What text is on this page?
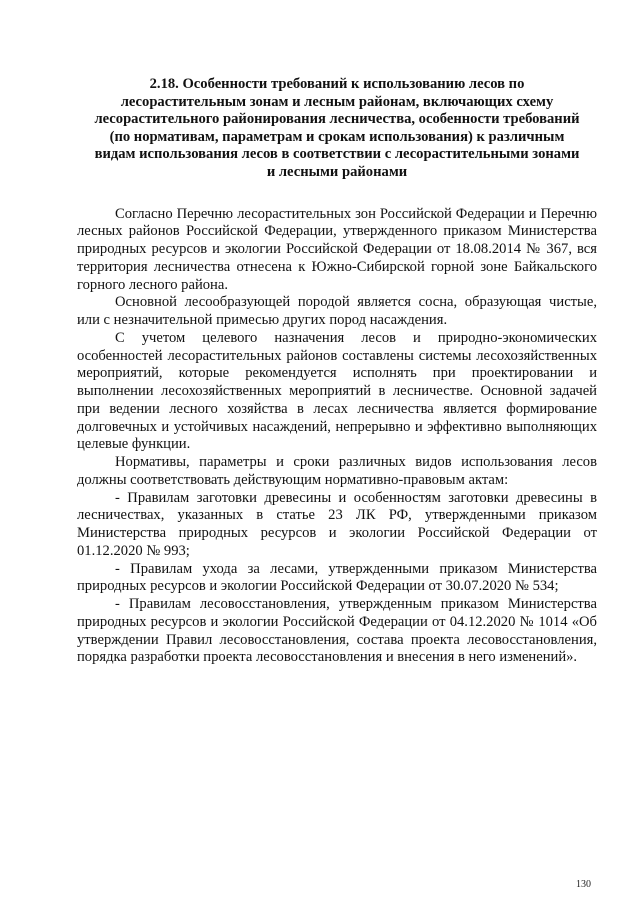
2.18. Особенности требований к использованию лесов по
лесорастительным зонам и лесным районам, включающих схему
лесорастительного районирования лесничества, особенности требований
(по нормативам, параметрам и срокам использования) к различным
видам использования лесов в соответствии с лесорастительными зонами
и лесными районами

Согласно Перечню лесорастительных зон Российской Федерации и Перечню лесных районов Российской Федерации, утвержденного приказом Министерства природных ресурсов и экологии Российской Федерации от 18.08.2014 № 367, вся территория лесничества отнесена к Южно-Сибирской горной зоне Байкальского горного лесного района.

Основной лесообразующей породой является сосна, образующая чистые, или с незначительной примесью других пород насаждения.

С учетом целевого назначения лесов и природно-экономических особенностей лесорастительных районов составлены системы лесохозяйственных мероприятий, которые рекомендуется исполнять при проектировании и выполнении лесохозяйственных мероприятий в лесничестве. Основной задачей при ведении лесного хозяйства в лесах лесничества является формирование долговечных и устойчивых насаждений, непрерывно и эффективно выполняющих целевые функции.

Нормативы, параметры и сроки различных видов использования лесов должны соответствовать действующим нормативно-правовым актам:

- Правилам заготовки древесины и особенностям заготовки древесины в лесничествах, указанных в статье 23 ЛК РФ, утвержденными приказом Министерства природных ресурсов и экологии Российской Федерации от 01.12.2020 № 993;

- Правилам ухода за лесами, утвержденными приказом Министерства природных ресурсов и экологии Российской Федерации от 30.07.2020 № 534;

- Правилам лесовосстановления, утвержденным приказом Министерства природных ресурсов и экологии Российской Федерации от 04.12.2020 № 1014 «Об утверждении Правил лесовосстановления, состава проекта лесовосстановления, порядка разработки проекта лесовосстановления и внесения в него изменений».

130
